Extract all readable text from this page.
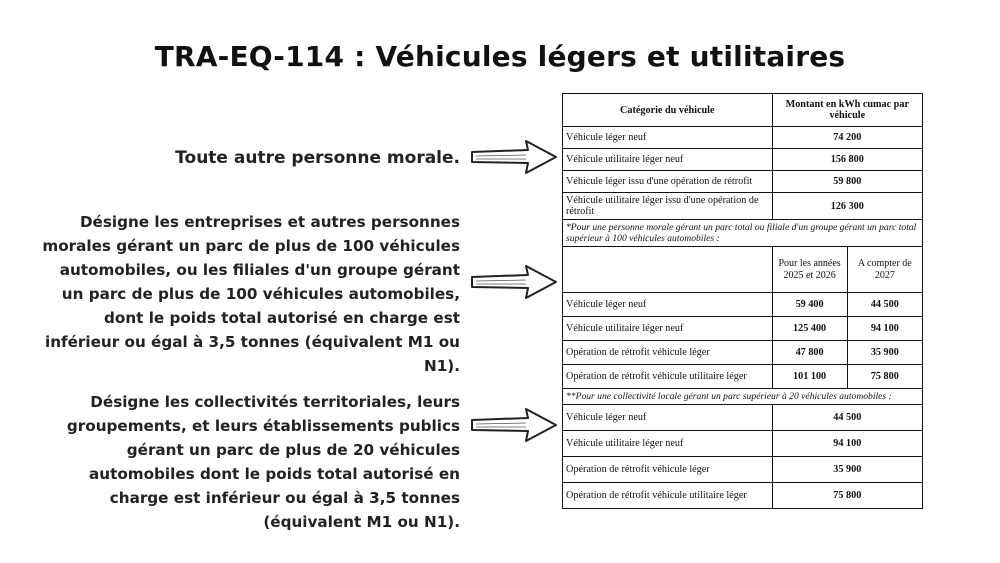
TRA-EQ-114 : Véhicules légers et utilitaires
Toute autre personne morale.
Désigne les entreprises et autres personnes morales gérant un parc de plus de 100 véhicules automobiles, ou les filiales d'un groupe gérant un parc de plus de 100 véhicules automobiles, dont le poids total autorisé en charge est inférieur ou égal à 3,5 tonnes (équivalent M1 ou N1).
Désigne les collectivités territoriales, leurs groupements, et leurs établissements publics gérant un parc de plus de 20 véhicules automobiles dont le poids total autorisé en charge est inférieur ou égal à 3,5 tonnes (équivalent M1 ou N1).
Catégorie du véhicule	Montant en kWh cumac par véhicule	
Véhicule léger neuf	74 200	
Véhicule utilitaire léger neuf	156 800	
Véhicule léger issu d'une opération de rétrofit	59 800	
Véhicule utilitaire léger issu d'une opération de rétrofit	126 300	
*Pour une personne morale gérant un parc total ou filiale d'un groupe gérant un parc total supérieur à 100 véhicules automobiles :		
	Pour les années 2025 et 2026	A compter de 2027
Véhicule léger neuf	59 400	44 500
Véhicule utilitaire léger neuf	125 400	94 100
Opération de rétrofit véhicule léger	47 800	35 900
Opération de rétrofit véhicule utilitaire léger	101 100	75 800
**Pour une collectivité locale gérant un parc supérieur à 20 véhicules automobiles :		
Véhicule léger neuf	44 500	
Véhicule utilitaire léger neuf	94 100	
Opération de rétrofit véhicule léger	35 900	
Opération de rétrofit véhicule utilitaire léger	75 800	
